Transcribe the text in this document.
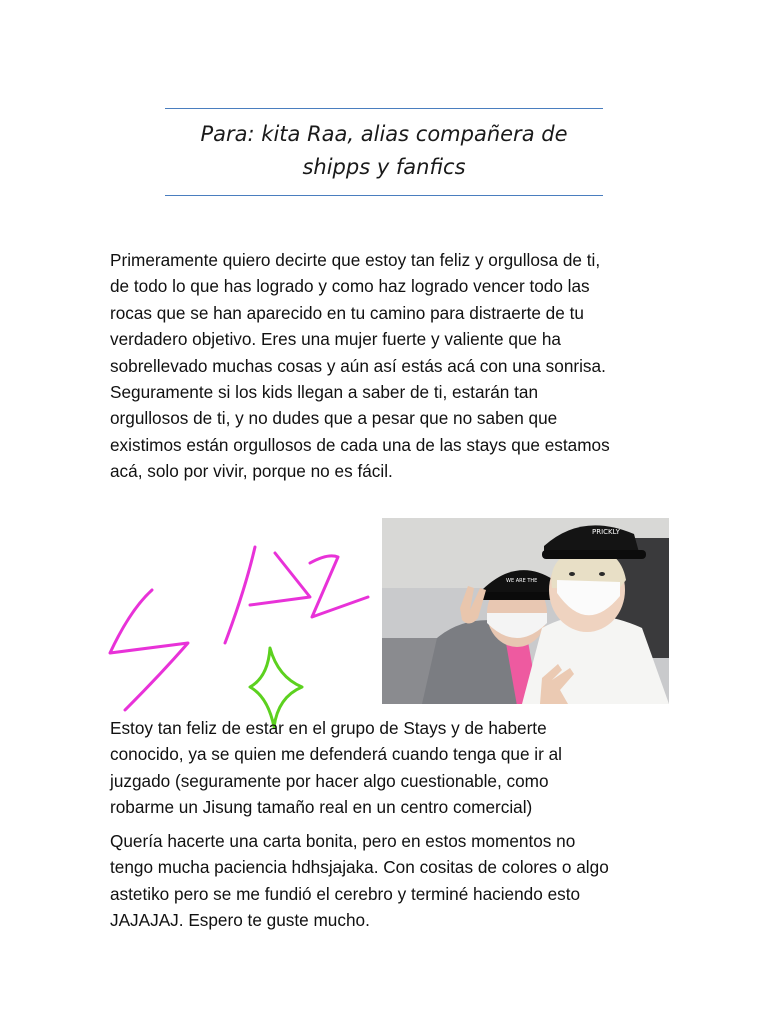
Para: kita Raa, alias compañera de
shipps y fanfics
Primeramente quiero decirte que estoy tan feliz y orgullosa de ti,
de todo lo que has logrado y como haz logrado vencer todo las
rocas que se han aparecido en tu camino para distraerte de tu
verdadero objetivo. Eres una mujer fuerte y valiente que ha
sobrellevado muchas cosas y aún así estás acá con una sonrisa.
Seguramente si los kids llegan a saber de ti, estarán tan
orgullosos de ti, y no dudes que a pesar que no saben que
existimos están orgullosos de cada una de las stays que estamos
acá, solo por vivir, porque no es fácil.
WE ARE THE
PRICKLY
Estoy tan feliz de estar en el grupo de Stays y de haberte
conocido, ya se quien me defenderá cuando tenga que ir al
juzgado (seguramente por hacer algo cuestionable, como
robarme un Jisung tamaño real en un centro comercial)
Quería hacerte una carta bonita, pero en estos momentos no
tengo mucha paciencia hdhsjajaka. Con cositas de colores o algo
astetiko pero se me fundió el cerebro y terminé haciendo esto
JAJAJAJ. Espero te guste mucho.
